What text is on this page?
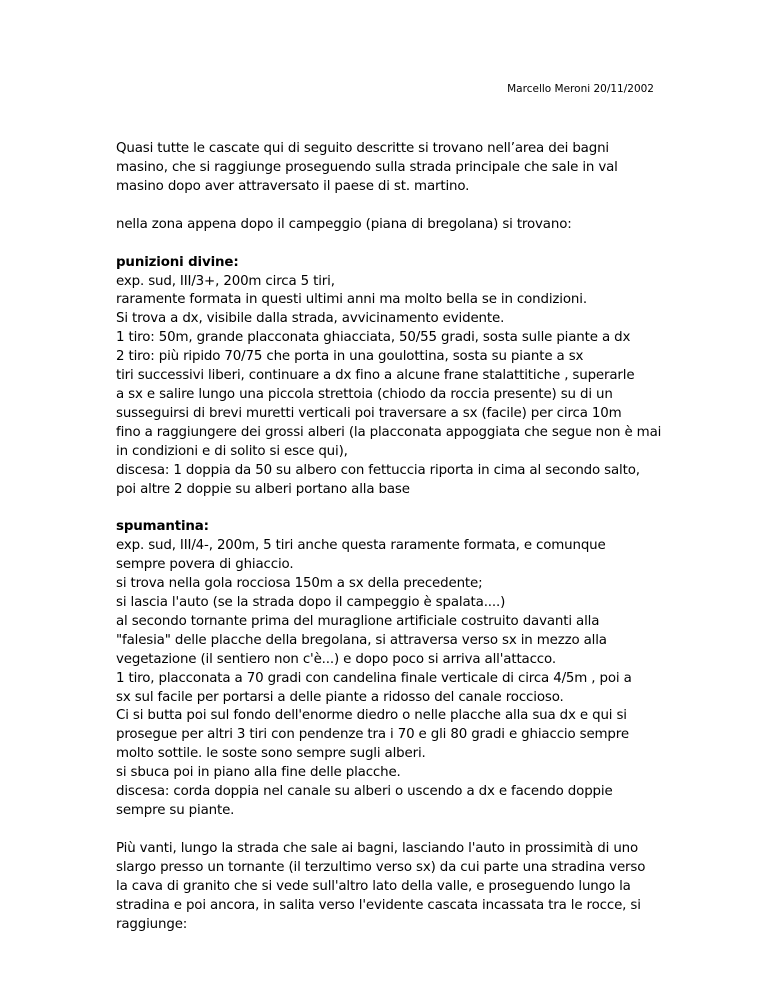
Marcello Meroni 20/11/2002
Quasi tutte le cascate qui di seguito descritte si trovano nell’area dei bagni
masino, che si raggiunge proseguendo sulla strada principale che sale in val
masino dopo aver attraversato il paese di st. martino.
nella zona appena dopo il campeggio (piana di bregolana) si trovano:
punizioni divine:
exp. sud, III/3+, 200m circa 5 tiri,
raramente formata in questi ultimi anni ma molto bella se in condizioni.
Si trova a dx, visibile dalla strada, avvicinamento evidente.
1 tiro: 50m, grande placconata ghiacciata, 50/55 gradi, sosta sulle piante a dx
2 tiro: più ripido 70/75 che porta in una goulottina, sosta su piante a sx
tiri successivi liberi, continuare a dx fino a alcune frane stalattitiche , superarle
a sx e salire lungo una piccola strettoia (chiodo da roccia presente) su di un
susseguirsi di brevi muretti verticali poi traversare a sx (facile) per circa 10m
fino a raggiungere dei grossi alberi (la placconata appoggiata che segue non è mai
in condizioni e di solito si esce qui),
discesa: 1 doppia da 50 su albero con fettuccia riporta in cima al secondo salto,
poi altre 2 doppie su alberi portano alla base
spumantina:
exp. sud, III/4-, 200m, 5 tiri anche questa raramente formata, e comunque
sempre povera di ghiaccio.
si trova nella gola rocciosa 150m a sx della precedente;
si lascia l'auto (se la strada dopo il campeggio è spalata....)
al secondo tornante prima del muraglione artificiale costruito davanti alla
"falesia" delle placche della bregolana, si attraversa verso sx in mezzo alla
vegetazione (il sentiero non c'è...) e dopo poco si arriva all'attacco.
1 tiro, placconata a 70 gradi con candelina finale verticale di circa 4/5m , poi a
sx sul facile per portarsi a delle piante a ridosso del canale roccioso.
Ci si butta poi sul fondo dell'enorme diedro o nelle placche alla sua dx e qui si
prosegue per altri 3 tiri con pendenze tra i 70 e gli 80 gradi e ghiaccio sempre
molto sottile. le soste sono sempre sugli alberi.
si sbuca poi in piano alla fine delle placche.
discesa: corda doppia nel canale su alberi o uscendo a dx e facendo doppie
sempre su piante.
Più vanti, lungo la strada che sale ai bagni, lasciando l'auto in prossimità di uno
slargo presso un tornante (il terzultimo verso sx) da cui parte una stradina verso
la cava di granito che si vede sull'altro lato della valle, e proseguendo lungo la
stradina e poi ancora, in salita verso l'evidente cascata incassata tra le rocce, si
raggiunge:
